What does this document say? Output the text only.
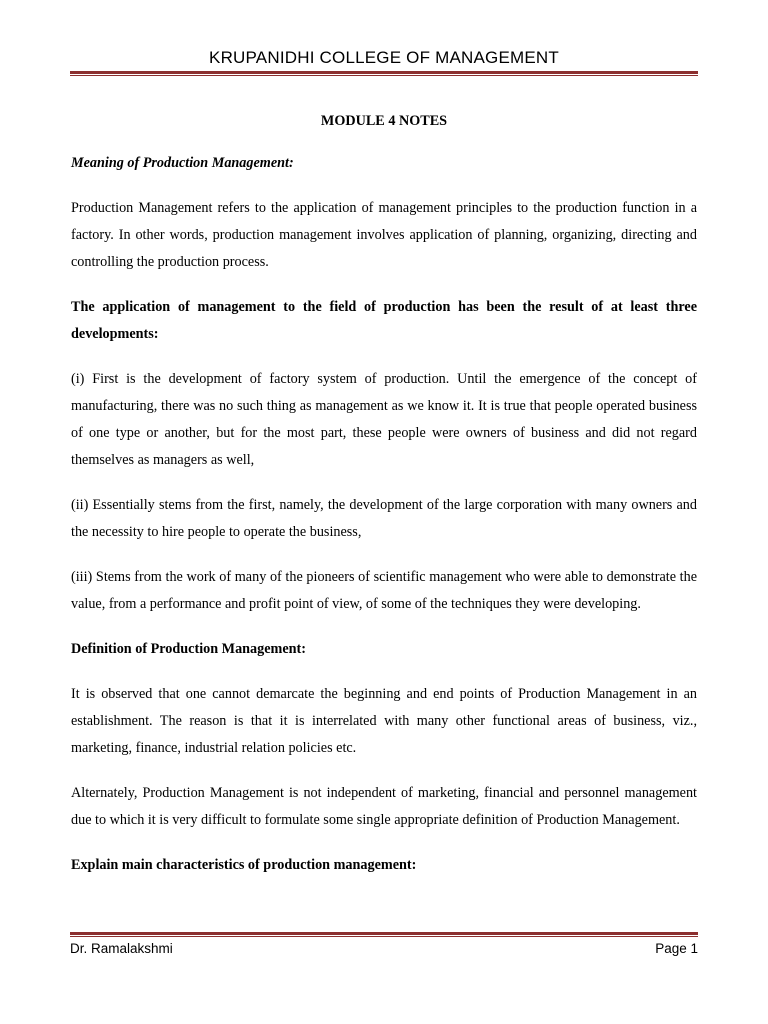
KRUPANIDHI COLLEGE OF MANAGEMENT

MODULE 4 NOTES

Meaning of Production Management:

Production Management refers to the application of management principles to the production function in a factory. In other words, production management involves application of planning, organizing, directing and controlling the production process.

The application of management to the field of production has been the result of at least three developments:

(i) First is the development of factory system of production. Until the emergence of the concept of manufacturing, there was no such thing as management as we know it. It is true that people operated business of one type or another, but for the most part, these people were owners of business and did not regard themselves as managers as well,

(ii) Essentially stems from the first, namely, the development of the large corporation with many owners and the necessity to hire people to operate the business,

(iii) Stems from the work of many of the pioneers of scientific management who were able to demonstrate the value, from a performance and profit point of view, of some of the techniques they were developing.

Definition of Production Management:

It is observed that one cannot demarcate the beginning and end points of Production Management in an establishment. The reason is that it is interrelated with many other functional areas of business, viz., marketing, finance, industrial relation policies etc.

Alternately, Production Management is not independent of marketing, financial and personnel management due to which it is very difficult to formulate some single appropriate definition of Production Management.

Explain main characteristics of production management:

Dr. Ramalakshmi	Page 1
